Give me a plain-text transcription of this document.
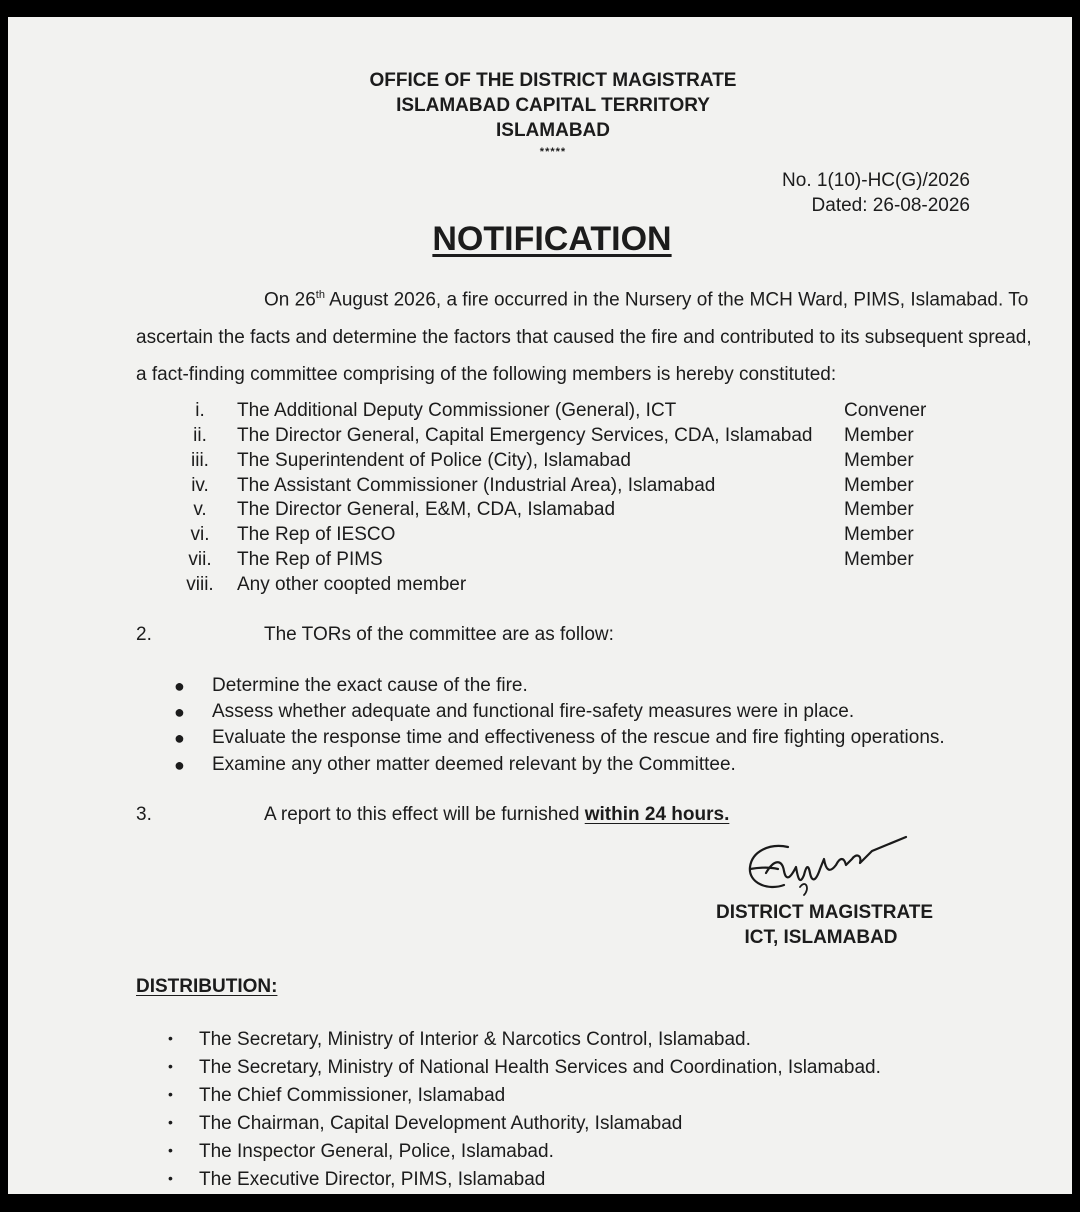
OFFICE OF THE DISTRICT MAGISTRATE
ISLAMABAD CAPITAL TERRITORY
ISLAMABAD
*****
No. 1(10)-HC(G)/2026
Dated: 26-08-2026
NOTIFICATION
On 26th August 2026, a fire occurred in the Nursery of the MCH Ward, PIMS, Islamabad. To
ascertain the facts and determine the factors that caused the fire and contributed to its subsequent spread,
a fact-finding committee comprising of the following members is hereby constituted:
i.	The Additional Deputy Commissioner (General), ICT	Convener
ii.	The Director General, Capital Emergency Services, CDA, Islamabad Member
iii.	The Superintendent of Police (City), Islamabad	Member
iv.	The Assistant Commissioner (Industrial Area), Islamabad	Member
v.	The Director General, E&M, CDA, Islamabad	Member
vi.	The Rep of IESCO	Member
vii.	The Rep of PIMS	Member
viii.	Any other coopted member
2.	The TORs of the committee are as follow:
● Determine the exact cause of the fire.
● Assess whether adequate and functional fire-safety measures were in place.
● Evaluate the response time and effectiveness of the rescue and fire fighting operations.
● Examine any other matter deemed relevant by the Committee.
3.	A report to this effect will be furnished within 24 hours.
DISTRICT MAGISTRATE
ICT, ISLAMABAD
DISTRIBUTION:
• The Secretary, Ministry of Interior & Narcotics Control, Islamabad.
• The Secretary, Ministry of National Health Services and Coordination, Islamabad.
• The Chief Commissioner, Islamabad
• The Chairman, Capital Development Authority, Islamabad
• The Inspector General, Police, Islamabad.
• The Executive Director, PIMS, Islamabad
